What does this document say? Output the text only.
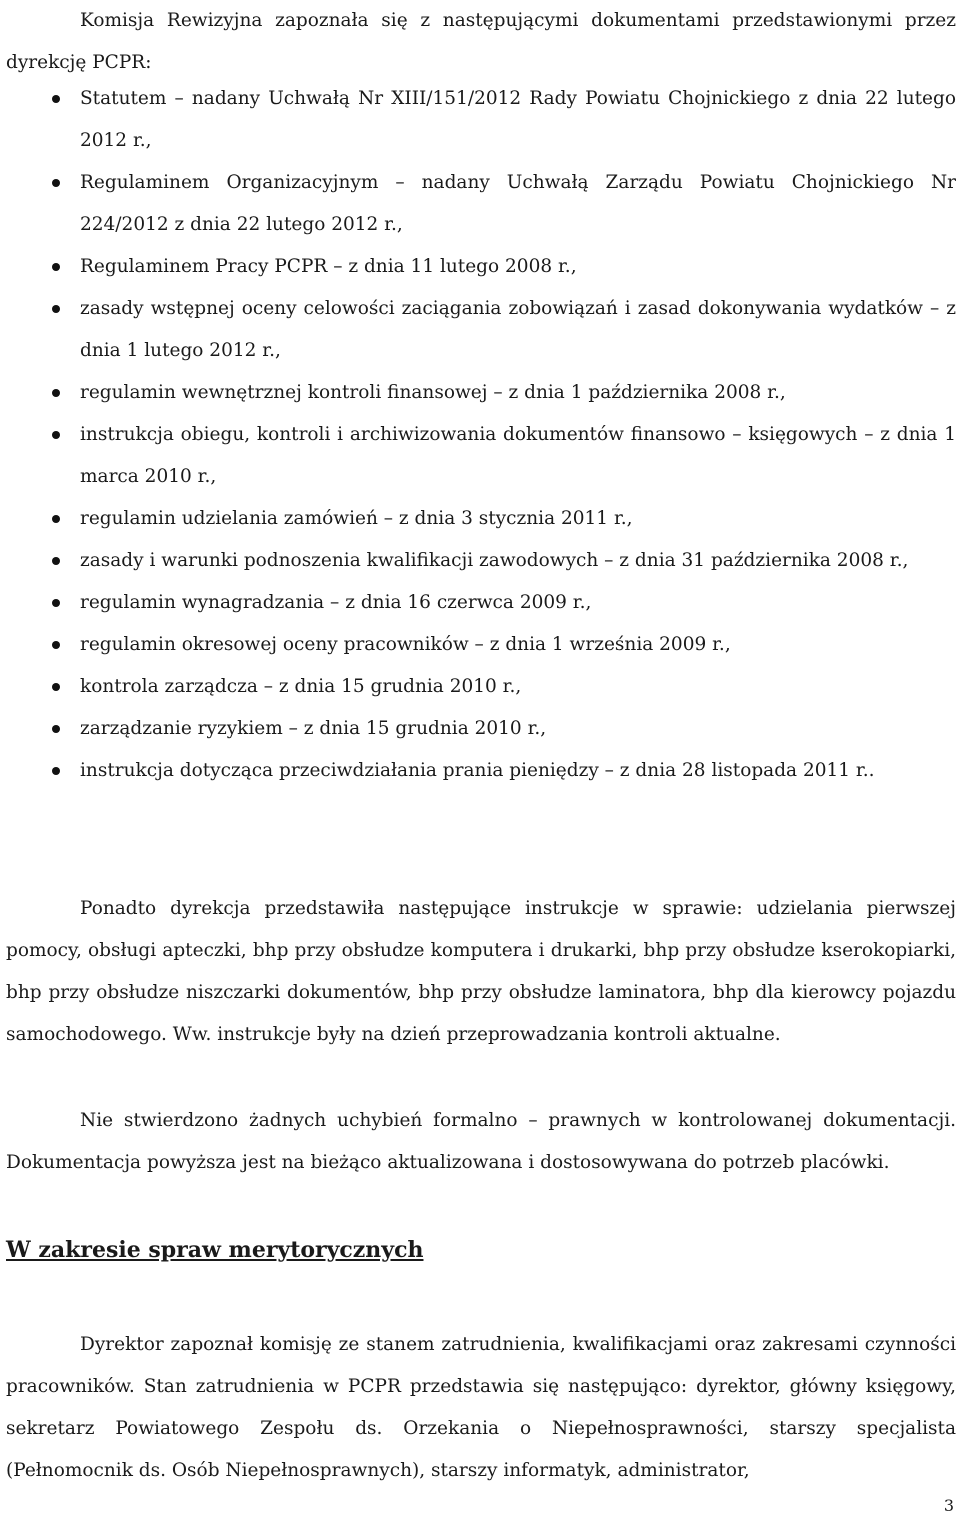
Komisja Rewizyjna zapoznała się z następującymi dokumentami przedstawionymi przez dyrekcję PCPR:

Statutem – nadany Uchwałą Nr XIII/151/2012 Rady Powiatu Chojnickiego z dnia 22 lutego 2012 r.,
Regulaminem Organizacyjnym – nadany Uchwałą Zarządu Powiatu Chojnickiego Nr 224/2012 z dnia 22 lutego 2012 r.,
Regulaminem Pracy PCPR – z dnia 11 lutego 2008 r.,
zasady wstępnej oceny celowości zaciągania zobowiązań i zasad dokonywania wydatków – z dnia 1 lutego 2012 r.,
regulamin wewnętrznej kontroli finansowej – z dnia 1 października 2008 r.,
instrukcja obiegu, kontroli i archiwizowania dokumentów finansowo – księgowych – z dnia 1 marca 2010 r.,
regulamin udzielania zamówień – z dnia 3 stycznia 2011 r.,
zasady i warunki podnoszenia kwalifikacji zawodowych – z dnia 31 października 2008 r.,
regulamin wynagradzania – z dnia 16 czerwca 2009 r.,
regulamin okresowej oceny pracowników – z dnia 1 września 2009 r.,
kontrola zarządcza – z dnia 15 grudnia 2010 r.,
zarządzanie ryzykiem – z dnia 15 grudnia 2010 r.,
instrukcja dotycząca przeciwdziałania prania pieniędzy – z dnia 28 listopada 2011 r..

Ponadto dyrekcja przedstawiła następujące instrukcje w sprawie: udzielania pierwszej pomocy, obsługi apteczki, bhp przy obsłudze komputera i drukarki, bhp przy obsłudze kserokopiarki, bhp przy obsłudze niszczarki dokumentów, bhp przy obsłudze laminatora, bhp dla kierowcy pojazdu samochodowego. Ww. instrukcje były na dzień przeprowadzania kontroli aktualne.

Nie stwierdzono żadnych uchybień formalno – prawnych w kontrolowanej dokumentacji. Dokumentacja powyższa jest na bieżąco aktualizowana i dostosowywana do potrzeb placówki.

W zakresie spraw merytorycznych

Dyrektor zapoznał komisję ze stanem zatrudnienia, kwalifikacjami oraz zakresami czynności pracowników. Stan zatrudnienia w PCPR przedstawia się następująco: dyrektor, główny księgowy, sekretarz Powiatowego Zespołu ds. Orzekania o Niepełnosprawności, starszy specjalista (Pełnomocnik ds. Osób Niepełnosprawnych), starszy informatyk, administrator,

3
